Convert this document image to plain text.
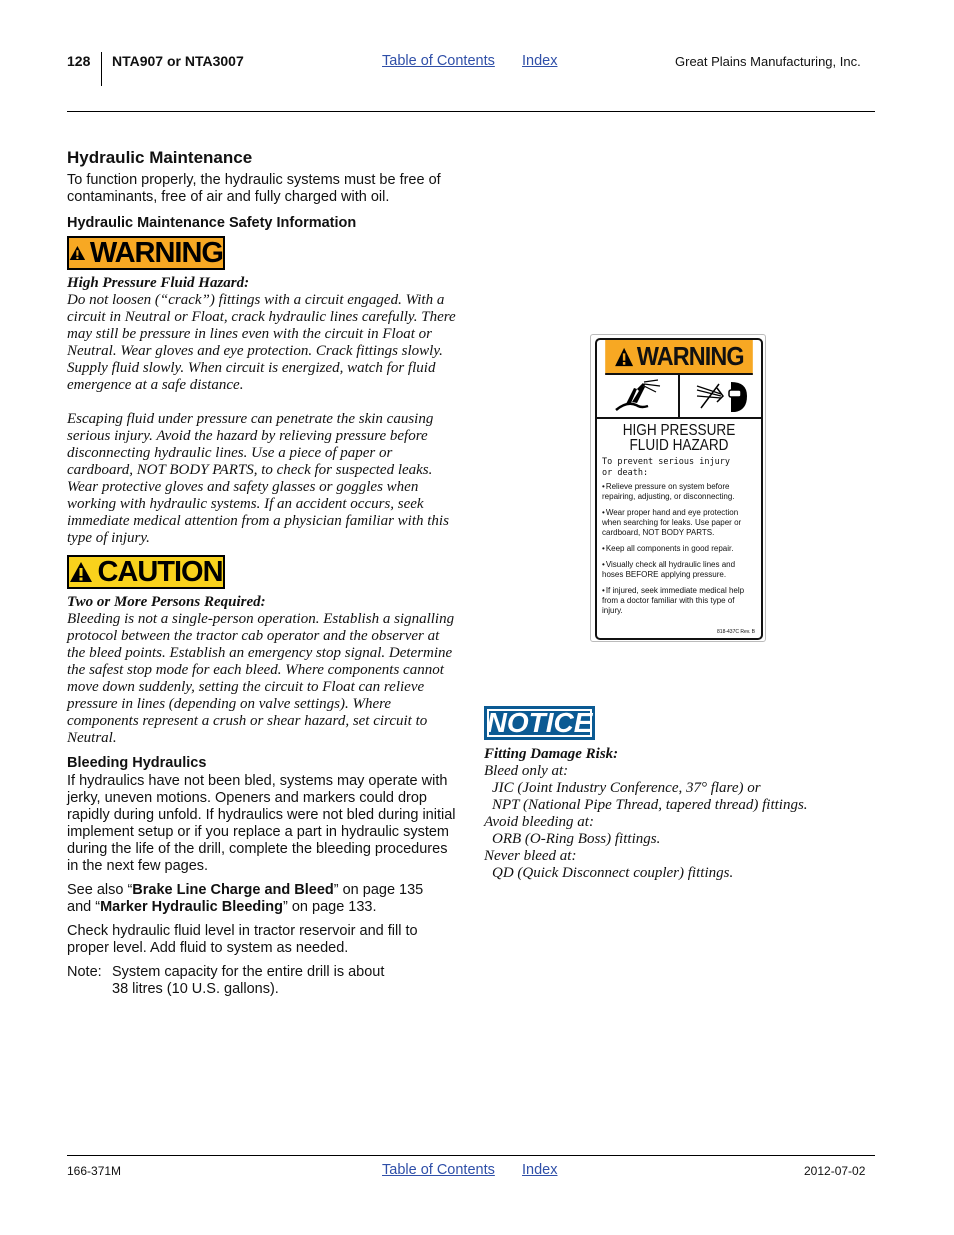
128 NTA907 or NTA3007	Table of Contents Index	Great Plains Manufacturing, Inc.
Hydraulic Maintenance

To function properly, the hydraulic systems must be free of contaminants, free of air and fully charged with oil.

Hydraulic Maintenance Safety Information
WARNING
High Pressure Fluid Hazard:

Do not loosen (“crack”) fittings with a circuit engaged. With a circuit in Neutral or Float, crack hydraulic lines carefully. There may still be pressure in lines even with the circuit in Float or Neutral. Wear gloves and eye protection. Crack fittings slowly. Supply fluid slowly. When circuit is energized, watch for fluid emergence at a safe distance.

Escaping fluid under pressure can penetrate the skin causing serious injury. Avoid the hazard by relieving pressure before disconnecting hydraulic lines. Use a piece of paper or cardboard, NOT BODY PARTS, to check for suspected leaks. Wear protective gloves and safety glasses or goggles when working with hydraulic systems. If an accident occurs, seek immediate medical attention from a physician familiar with this type of injury.

CAUTION
Two or More Persons Required:

Bleeding is not a single-person operation. Establish a signalling protocol between the tractor cab operator and the observer at the bleed points. Establish an emergency stop signal. Determine the safest stop mode for each bleed. Where components cannot move down suddenly, setting the circuit to Float can relieve pressure in lines (depending on valve settings). Where components represent a crush or shear hazard, set circuit to Neutral.

Bleeding Hydraulics

If hydraulics have not been bled, systems may operate with jerky, uneven motions. Openers and markers could drop rapidly during unfold. If hydraulics were not bled during initial implement setup or if you replace a part in hydraulic system during the life of the drill, complete the bleeding procedures in the next few pages.

See also “Brake Line Charge and Bleed” on page 135
and “Marker Hydraulic Bleeding” on page 133.

Check hydraulic fluid level in tractor reservoir and fill to proper level. Add fluid to system as needed.

Note: System capacity for the entire drill is about
38 litres (10 U.S. gallons).
WARNING
HIGH PRESSURE
FLUID HAZARD
To prevent serious injury
or death:
• Relieve pressure on system before repairing, adjusting, or disconnecting.
• Wear proper hand and eye protection when searching for leaks. Use paper or cardboard, NOT BODY PARTS.
• Keep all components in good repair.
• Visually check all hydraulic lines and hoses BEFORE applying pressure.
• If injured, seek immediate medical help from a doctor familiar with this type of injury.
818-437C Rev. B
NOTICE
Fitting Damage Risk:
Bleed only at:
JIC (Joint Industry Conference, 37° flare) or
NPT (National Pipe Thread, tapered thread) fittings.
Avoid bleeding at:
ORB (O-Ring Boss) fittings.
Never bleed at:
QD (Quick Disconnect coupler) fittings.
166-371M	Table of Contents Index	2012-07-02
